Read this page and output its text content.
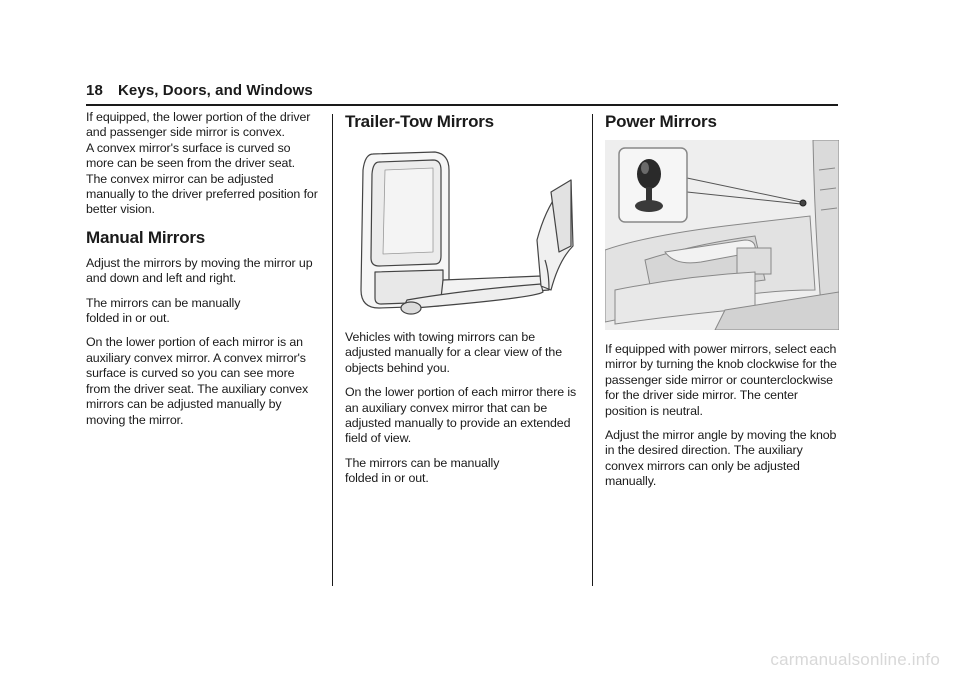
18 Keys, Doors, and Windows

If equipped, the lower portion of the driver and passenger side mirror is convex.

A convex mirror's surface is curved so more can be seen from the driver seat. The convex mirror can be adjusted manually to the driver preferred position for better vision.

Manual Mirrors

Adjust the mirrors by moving the mirror up and down and left and right.

The mirrors can be manually folded in or out.

On the lower portion of each mirror is an auxiliary convex mirror. A convex mirror's surface is curved so you can see more from the driver seat. The auxiliary convex mirrors can be adjusted manually by moving the mirror.

Trailer-Tow Mirrors

Vehicles with towing mirrors can be adjusted manually for a clear view of the objects behind you.

On the lower portion of each mirror there is an auxiliary convex mirror that can be adjusted manually to provide an extended field of view.

The mirrors can be manually folded in or out.

Power Mirrors

If equipped with power mirrors, select each mirror by turning the knob clockwise for the passenger side mirror or counterclockwise for the driver side mirror. The center position is neutral.

Adjust the mirror angle by moving the knob in the desired direction. The auxiliary convex mirrors can only be adjusted manually.

carmanualsonline.info
